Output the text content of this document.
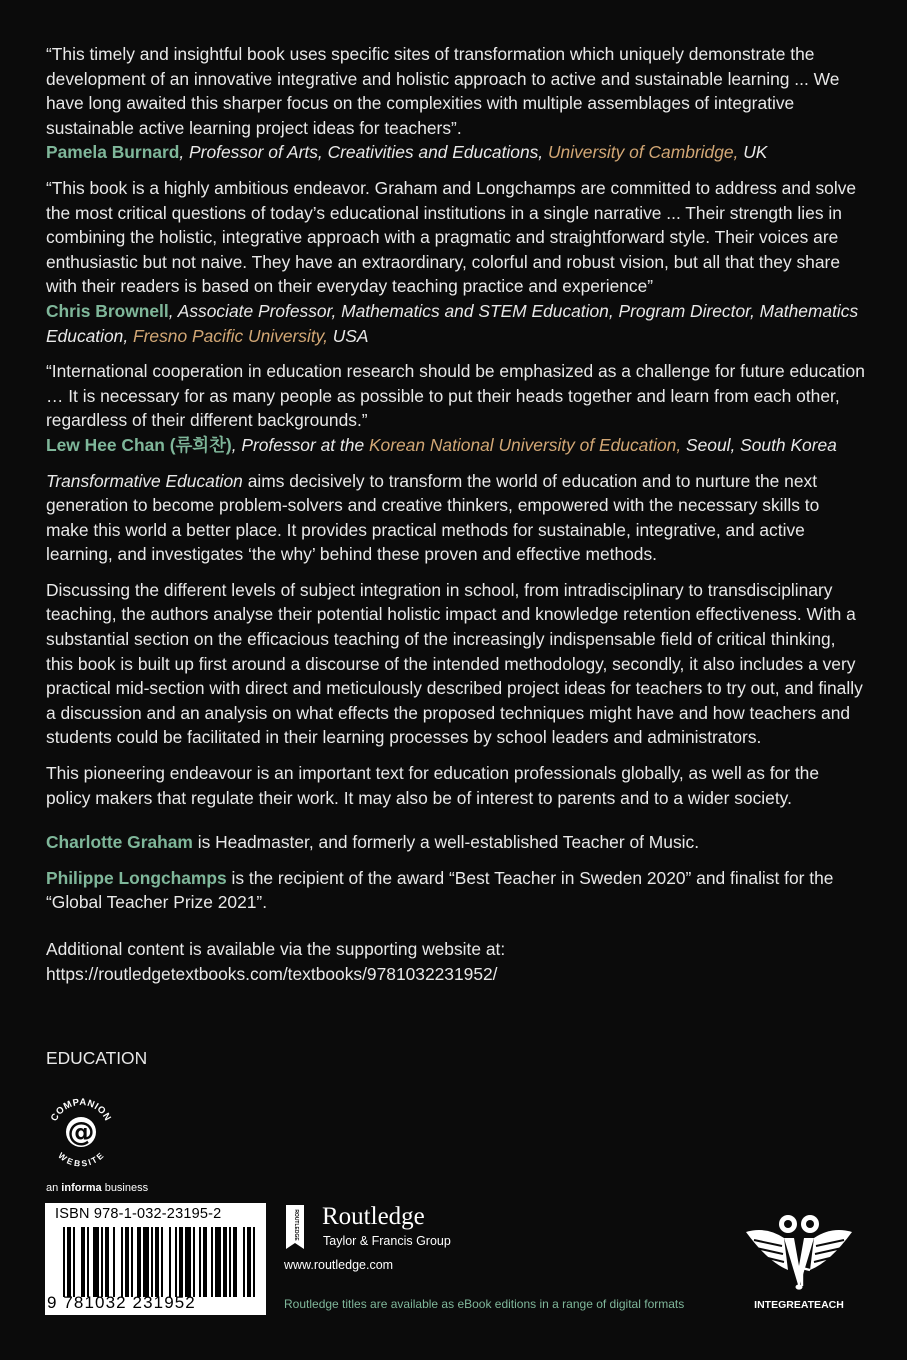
“This timely and insightful book uses specific sites of transformation which uniquely demonstrate the development of an innovative integrative and holistic approach to active and sustainable learning ... We have long awaited this sharper focus on the complexities with multiple assemblages of integrative sustainable active learning project ideas for teachers”.
Pamela Burnard, Professor of Arts, Creativities and Educations, University of Cambridge, UK

“This book is a highly ambitious endeavor. Graham and Longchamps are committed to address and solve the most critical questions of today’s educational institutions in a single narrative ... Their strength lies in combining the holistic, integrative approach with a pragmatic and straightforward style. Their voices are enthusiastic but not naive. They have an extraordinary, colorful and robust vision, but all that they share with their readers is based on their everyday teaching practice and experience”
Chris Brownell, Associate Professor, Mathematics and STEM Education, Program Director, Mathematics Education, Fresno Pacific University, USA

“International cooperation in education research should be emphasized as a challenge for future education … It is necessary for as many people as possible to put their heads together and learn from each other, regardless of their different backgrounds.”
Lew Hee Chan (류희찬), Professor at the Korean National University of Education, Seoul, South Korea

Transformative Education aims decisively to transform the world of education and to nurture the next generation to become problem-solvers and creative thinkers, empowered with the necessary skills to make this world a better place. It provides practical methods for sustainable, integrative, and active learning, and investigates ‘the why’ behind these proven and effective methods.

Discussing the different levels of subject integration in school, from intradisciplinary to transdisciplinary teaching, the authors analyse their potential holistic impact and knowledge retention effectiveness. With a substantial section on the efficacious teaching of the increasingly indispensable field of critical thinking, this book is built up first around a discourse of the intended methodology, secondly, it also includes a very practical mid-section with direct and meticulously described project ideas for teachers to try out, and finally a discussion and an analysis on what effects the proposed techniques might have and how teachers and students could be facilitated in their learning processes by school leaders and administrators.

This pioneering endeavour is an important text for education professionals globally, as well as for the policy makers that regulate their work. It may also be of interest to parents and to a wider society.

Charlotte Graham is Headmaster, and formerly a well-established Teacher of Music.

Philippe Longchamps is the recipient of the award “Best Teacher in Sweden 2020” and finalist for the “Global Teacher Prize 2021”.

Additional content is available via the supporting website at:
https://routledgetextbooks.com/textbooks/9781032231952/

EDUCATION
@
COMPANION
WEBSITE
an informa business
ISBN 978-1-032-23195-2
9 781032 231952
ROUTLEDGE Routledge
Taylor & Francis Group
www.routledge.com
Routledge titles are available as eBook editions in a range of digital formats	INTEGREATEACH
